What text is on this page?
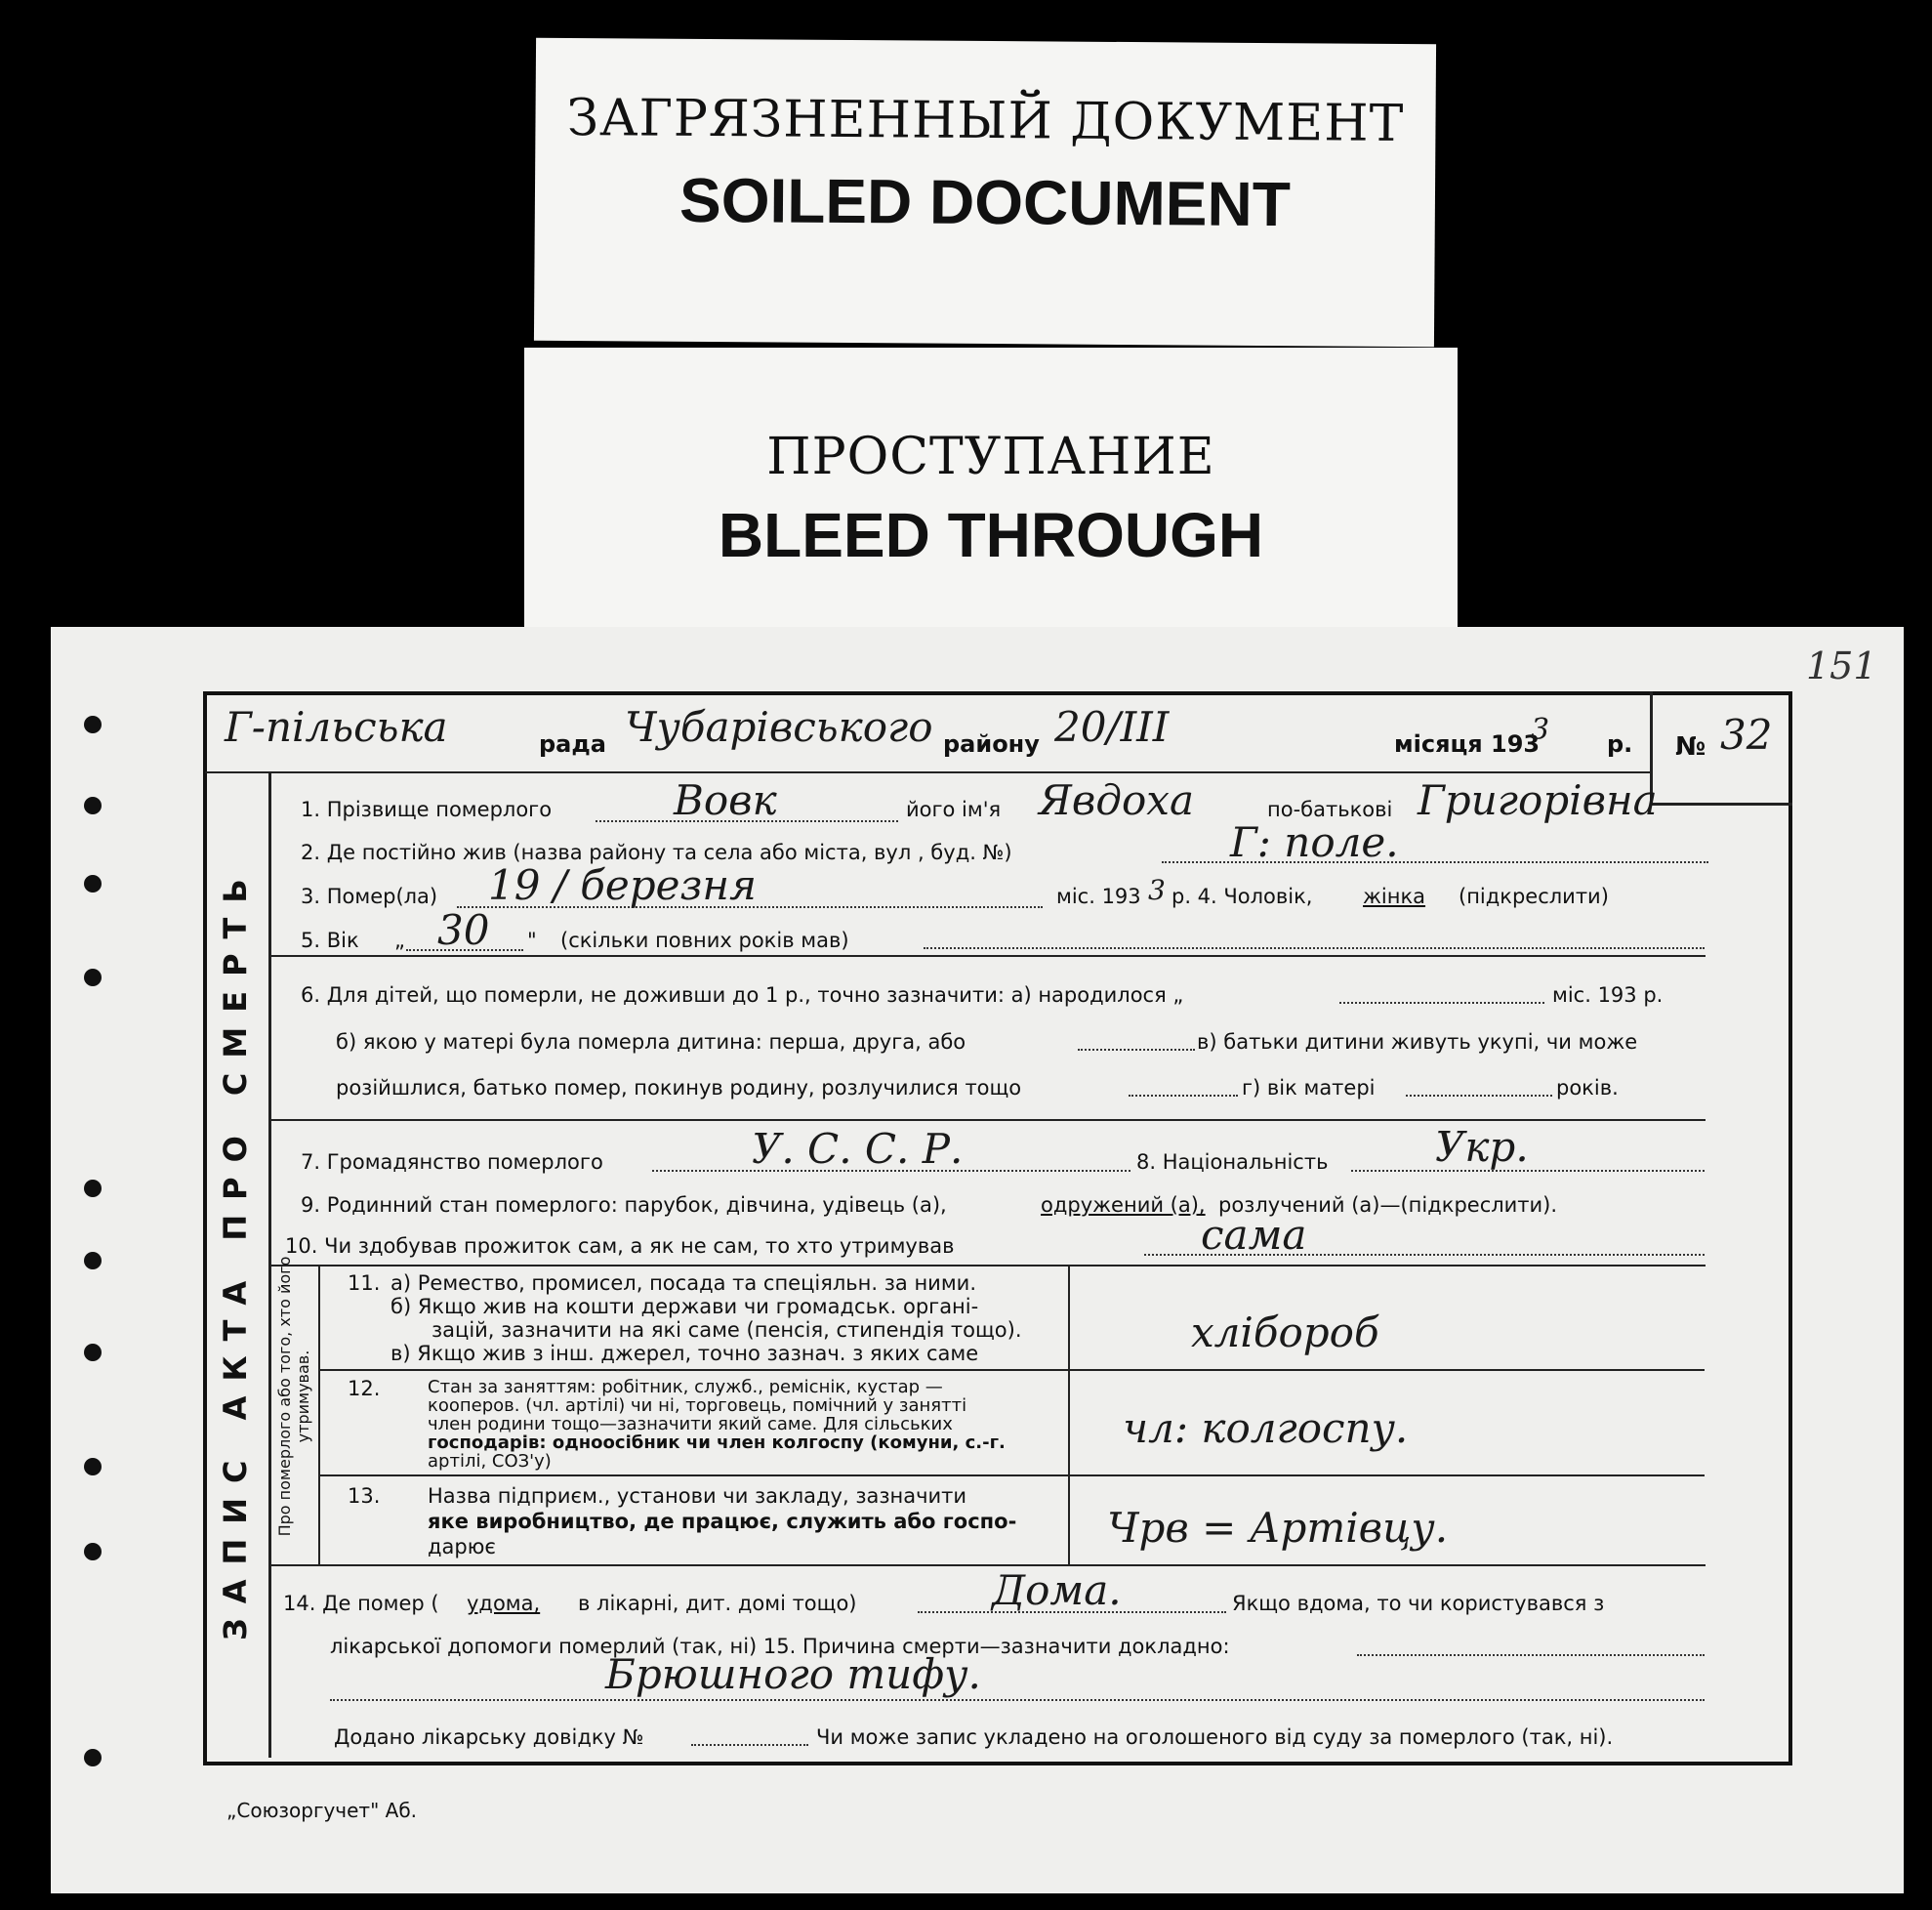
ЗАГРЯЗНЕННЫЙ ДОКУМЕНТ
SOILED DOCUMENT
ПРОСТУПАНИЕ
BLEED THROUGH
151
ЗАПИС АКТА ПРО СМЕРТЬ
Г-пільська	рада Чубарівського району 20/III	місяця 193
3 р. № 32
1. Прізвище померлого	Вовк	його ім'я Явдоха	по-батькові Григорівна
2. Де постійно жив (назва району та села або міста, вул , буд. №)	Г: поле.
3. Помер(ла) 19 / березня	міс. 193 3 р. 4. Чоловік, жінка (підкреслити)
5. Вік „ 30 " (скільки повних років мав)
6. Для дітей, що померли, не доживши до 1 р., точно зазначити: а) народилося „	міс. 193 р.
б) якою у матері була померла дитина: перша, друга, або	в) батьки дитини живуть укупі, чи може
розійшлися, батько помер, покинув родину, розлучилися тощо	г) вік матері	років.
7. Громадянство померлого	У. С. С. Р.	8. Національність	Укр.
9. Родинний стан померлого: парубок, дівчина, удівець (а),	одружений (а), розлучений (а)—(підкреслити).
10. Чи здобував прожиток сам, а як не сам, то хто утримував	сама
Про померлого або того, хто його утримував.
11. а) Ремество, промисел, посада та спеціяльн. за ними.
б) Якщо жив на кошти держави чи громадськ. органі-
зацій, зазначити на які саме (пенсія, стипендія тощо).
в) Якщо жив з інш. джерел, точно зазнач. з яких саме	хлібороб
12.	Стан за заняттям: робітник, служб., реміснік, кустар —
кооперов. (чл. артілі) чи ні, торговець, помічний у занятті
член родини тощо—зазначити який саме. Для сільських
господарів: одноосібник чи член колгоспу (комуни, с.-г.
артілі, СОЗ'у)
чл: колгоспу.
13. Назва підприєм., установи чи закладу, зазначити
яке виробництво, де працює, служить або госпо-
дарює	Чрв = Артівцу.
14. Де помер ( удома, в лікарні, дит. домі тощо)	Дома.	Якщо вдома, то чи користувався з
лікарської допомоги померлий (так, ні) 15. Причина смерти—зазначити докладно:
Брюшного тифу.
Додано лікарську довідку №	Чи може запис укладено на оголошеного від суду за померлого (так, ні).
„Союзоргучет" Аб.
